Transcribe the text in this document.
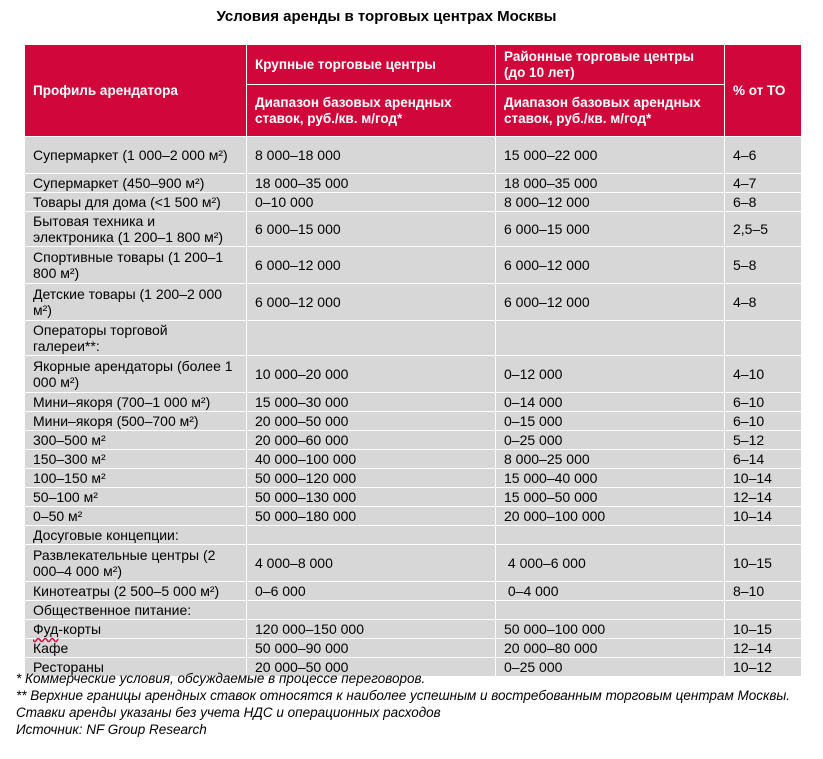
Условия аренды в торговых центрах Москвы
Профиль арендатора	Крупные торговые центры	Районные торговые центры (до 10 лет)	% от ТО
	Диапазон базовых арендных ставок, руб./кв. м/год*	Диапазон базовых арендных ставок, руб./кв. м/год*	
Супермаркет (1 000–2 000 м²)	8 000–18 000	15 000–22 000	4–6
Супермаркет (450–900 м²)	18 000–35 000	18 000–35 000	4–7
Товары для дома (<1 500 м²)	0–10 000	8 000–12 000	6–8
Бытовая техника и электроника (1 200–1 800 м²)	6 000–15 000	6 000–15 000	2,5–5
Спортивные товары (1 200–1 800 м²)	6 000–12 000	6 000–12 000	5–8
Детские товары (1 200–2 000 м²)	6 000–12 000	6 000–12 000	4–8
Операторы торговой галереи**:			
Якорные арендаторы (более 1 000 м²)	10 000–20 000	0–12 000	4–10
Мини–якоря (700–1 000 м²)	15 000–30 000	0–14 000	6–10
Мини–якоря (500–700 м²)	20 000–50 000	0–15 000	6–10
300–500 м²	20 000–60 000	0–25 000	5–12
150–300 м²	40 000–100 000	8 000–25 000	6–14
100–150 м²	50 000–120 000	15 000–40 000	10–14
50–100 м²	50 000–130 000	15 000–50 000	12–14
0–50 м²	50 000–180 000	20 000–100 000	10–14
Досуговые концепции:			
Развлекательные центры (2 000–4 000 м²)	4 000–8 000	4 000–6 000	10–15
Кинотеатры (2 500–5 000 м²)	0–6 000	0–4 000	8–10
Общественное питание:			
Фуд-корты	120 000–150 000	50 000–100 000	10–15
Кафе	50 000–90 000	20 000–80 000	12–14
Рестораны	20 000–50 000	0–25 000	10–12
* Коммерческие условия, обсуждаемые в процессе переговоров.
** Верхние границы арендных ставок относятся к наиболее успешным и востребованным торговым центрам Москвы.
Ставки аренды указаны без учета НДС и операционных расходов
Источник: NF Group Research
